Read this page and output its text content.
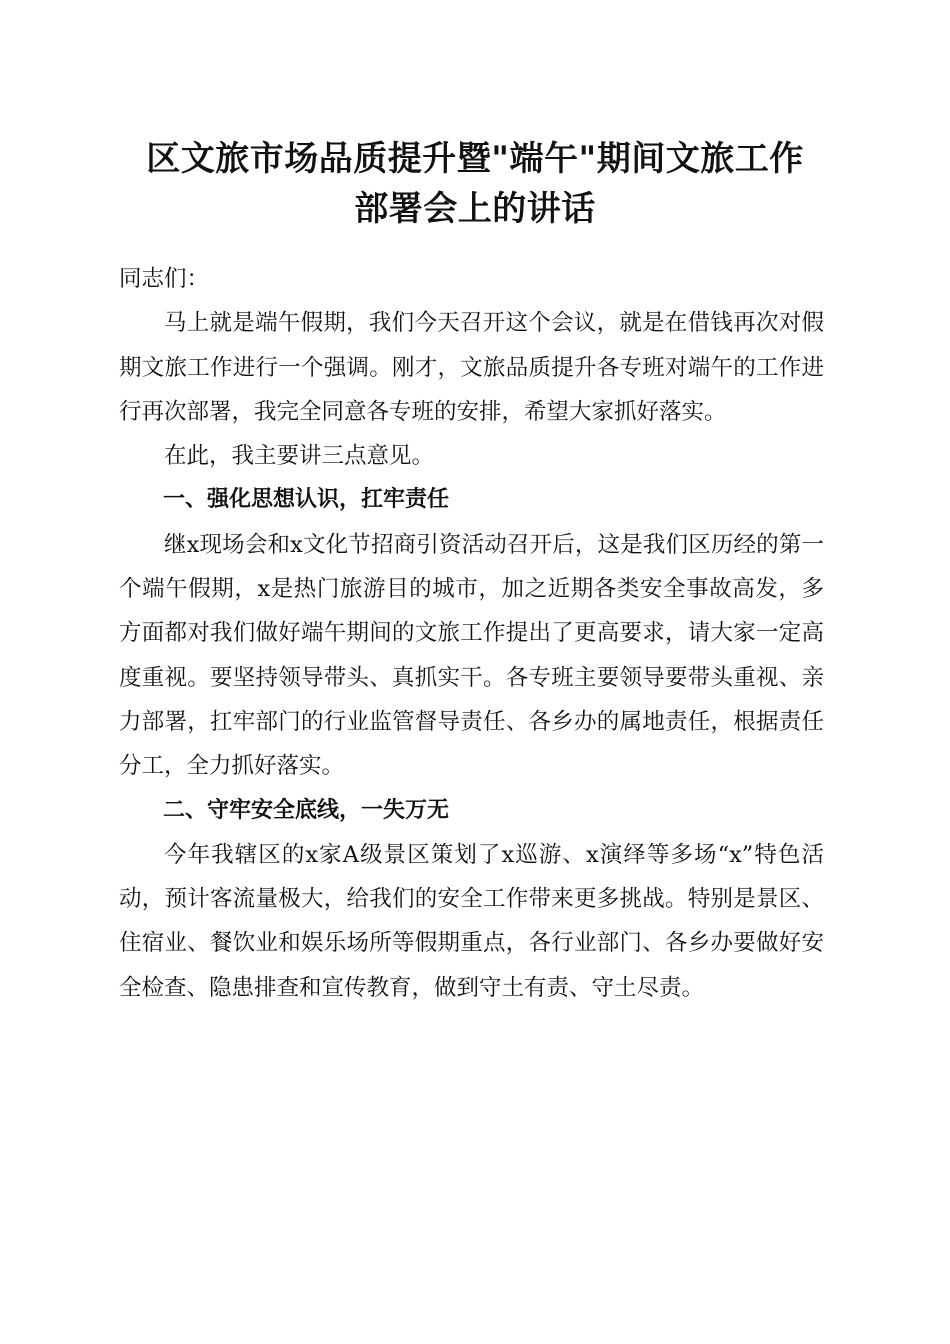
区文旅市场品质提升暨"端午"期间文旅工作
部署会上的讲话

同志们：

马上就是端午假期，我们今天召开这个会议，就是在借钱再次对假期文旅工作进行一个强调。刚才，文旅品质提升各专班对端午的工作进行再次部署，我完全同意各专班的安排，希望大家抓好落实。

在此，我主要讲三点意见。

一、强化思想认识，扛牢责任

继x现场会和x文化节招商引资活动召开后，这是我们区历经的第一个端午假期，x是热门旅游目的城市，加之近期各类安全事故高发，多方面都对我们做好端午期间的文旅工作提出了更高要求，请大家一定高度重视。要坚持领导带头、真抓实干。各专班主要领导要带头重视、亲力部署，扛牢部门的行业监管督导责任、各乡办的属地责任，根据责任分工，全力抓好落实。

二、守牢安全底线，一失万无

今年我辖区的x家A级景区策划了x巡游、x演绎等多场“x”特色活动，预计客流量极大，给我们的安全工作带来更多挑战。特别是景区、住宿业、餐饮业和娱乐场所等假期重点，各行业部门、各乡办要做好安全检查、隐患排查和宣传教育，做到守土有责、守土尽责。
